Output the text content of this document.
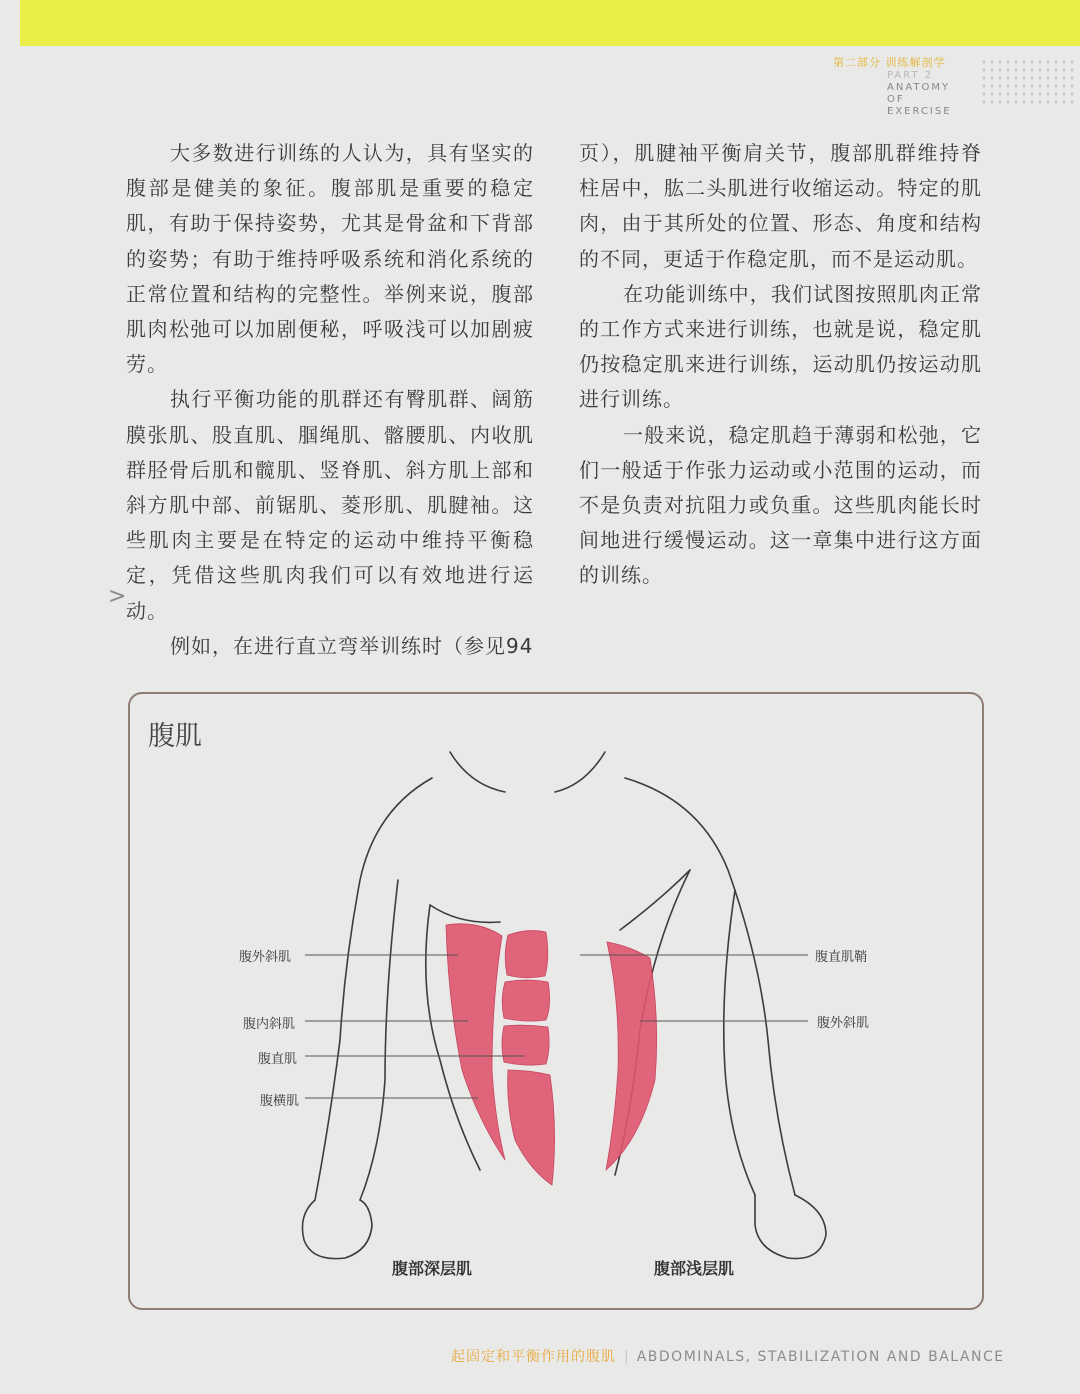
第二部分 训练解剖学
PART 2
ANATOMY
OF EXERCISE

大多数进行训练的人认为，具有坚实的腹部是健美的象征。腹部肌是重要的稳定肌，有助于保持姿势，尤其是骨盆和下背部的姿势；有助于维持呼吸系统和消化系统的正常位置和结构的完整性。举例来说，腹部肌肉松弛可以加剧便秘，呼吸浅可以加剧疲劳。

执行平衡功能的肌群还有臀肌群、阔筋膜张肌、股直肌、腘绳肌、髂腰肌、内收肌群胫骨后肌和髋肌、竖脊肌、斜方肌上部和斜方肌中部、前锯肌、菱形肌、肌腱袖。这些肌肉主要是在特定的运动中维持平衡稳定，凭借这些肌肉我们可以有效地进行运动。

例如，在进行直立弯举训练时（参见94

页），肌腱袖平衡肩关节，腹部肌群维持脊柱居中，肱二头肌进行收缩运动。特定的肌肉，由于其所处的位置、形态、角度和结构的不同，更适于作稳定肌，而不是运动肌。

在功能训练中，我们试图按照肌肉正常的工作方式来进行训练，也就是说，稳定肌仍按稳定肌来进行训练，运动肌仍按运动肌进行训练。

一般来说，稳定肌趋于薄弱和松弛，它们一般适于作张力运动或小范围的运动，而不是负责对抗阻力或负重。这些肌肉能长时间地进行缓慢运动。这一章集中进行这方面的训练。

>
腹肌
腹外斜肌
腹内斜肌
腹直肌
腹横肌
腹直肌鞘
腹外斜肌
腹部深层肌	腹部浅层肌
起固定和平衡作用的腹肌 | ABDOMINALS, STABILIZATION AND BALANCE
